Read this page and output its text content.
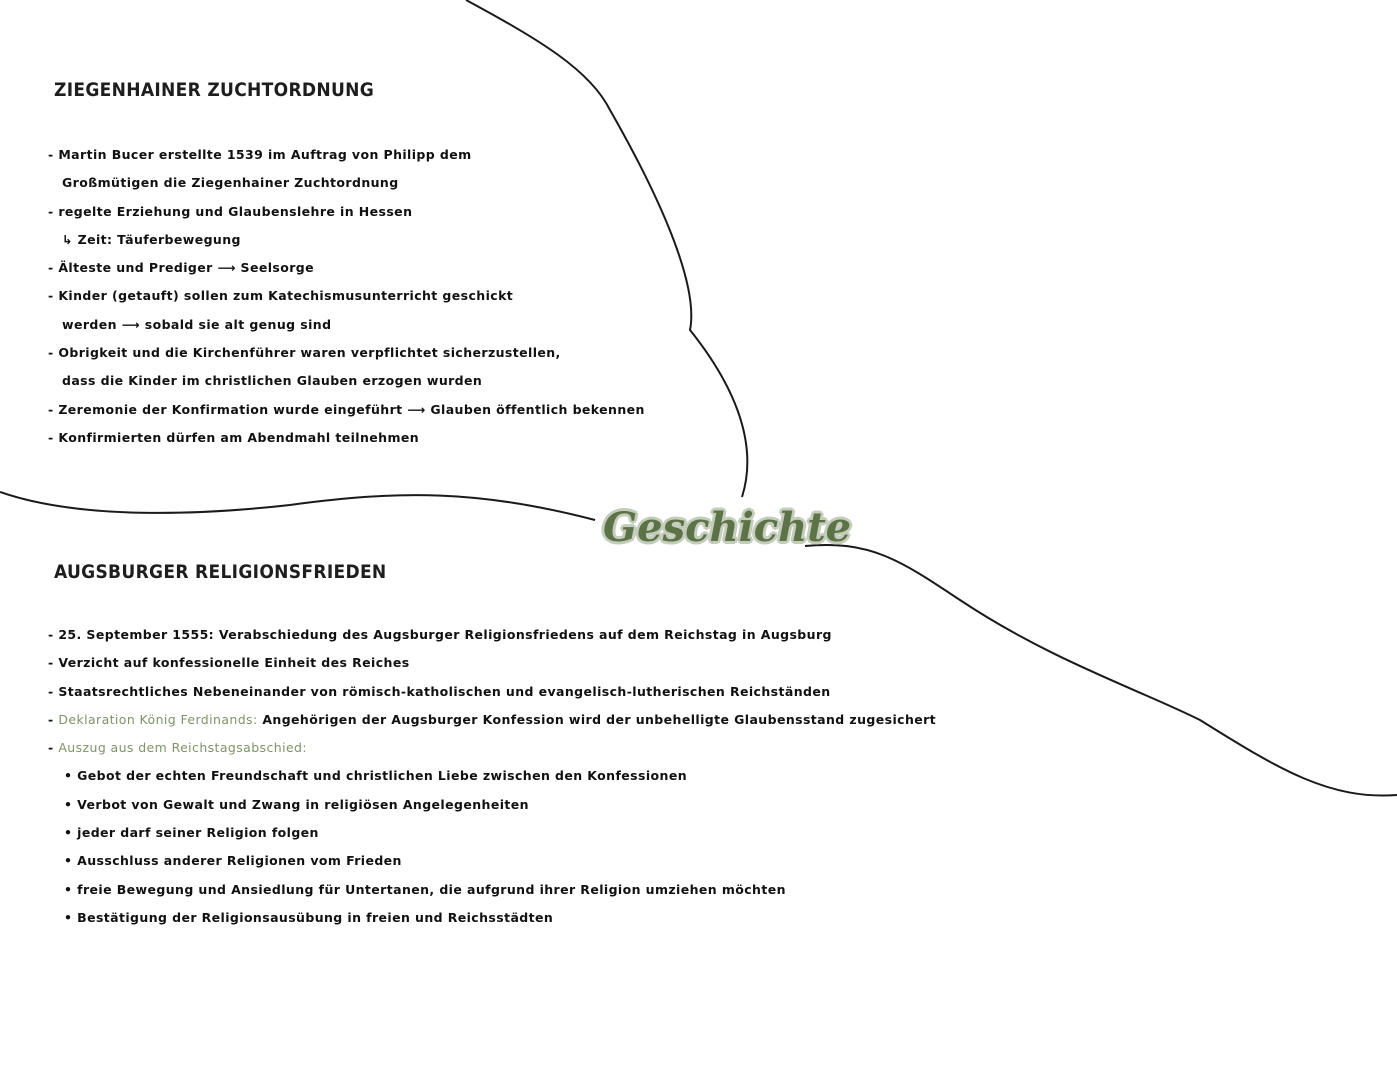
Geschichte
ZIEGENHAINER ZUCHTORDNUNG
- Martin Bucer erstellte 1539 im Auftrag von Philipp dem
Großmütigen die Ziegenhainer Zuchtordnung
- regelte Erziehung und Glaubenslehre in Hessen
↳ Zeit: Täuferbewegung
- Älteste und Prediger ⟶ Seelsorge
- Kinder (getauft) sollen zum Katechismusunterricht geschickt
werden ⟶ sobald sie alt genug sind
- Obrigkeit und die Kirchenführer waren verpflichtet sicherzustellen,
dass die Kinder im christlichen Glauben erzogen wurden
- Zeremonie der Konfirmation wurde eingeführt ⟶ Glauben öffentlich bekennen
- Konfirmierten dürfen am Abendmahl teilnehmen
AUGSBURGER RELIGIONSFRIEDEN
- 25. September 1555: Verabschiedung des Augsburger Religionsfriedens auf dem Reichstag in Augsburg
- Verzicht auf konfessionelle Einheit des Reiches
- Staatsrechtliches Nebeneinander von römisch-katholischen und evangelisch-lutherischen Reichständen
- Deklaration König Ferdinands: Angehörigen der Augsburger Konfession wird der unbehelligte Glaubensstand zugesichert
- Auszug aus dem Reichstagsabschied:
• Gebot der echten Freundschaft und christlichen Liebe zwischen den Konfessionen
• Verbot von Gewalt und Zwang in religiösen Angelegenheiten
• jeder darf seiner Religion folgen
• Ausschluss anderer Religionen vom Frieden
• freie Bewegung und Ansiedlung für Untertanen, die aufgrund ihrer Religion umziehen möchten
• Bestätigung der Religionsausübung in freien und Reichsstädten
